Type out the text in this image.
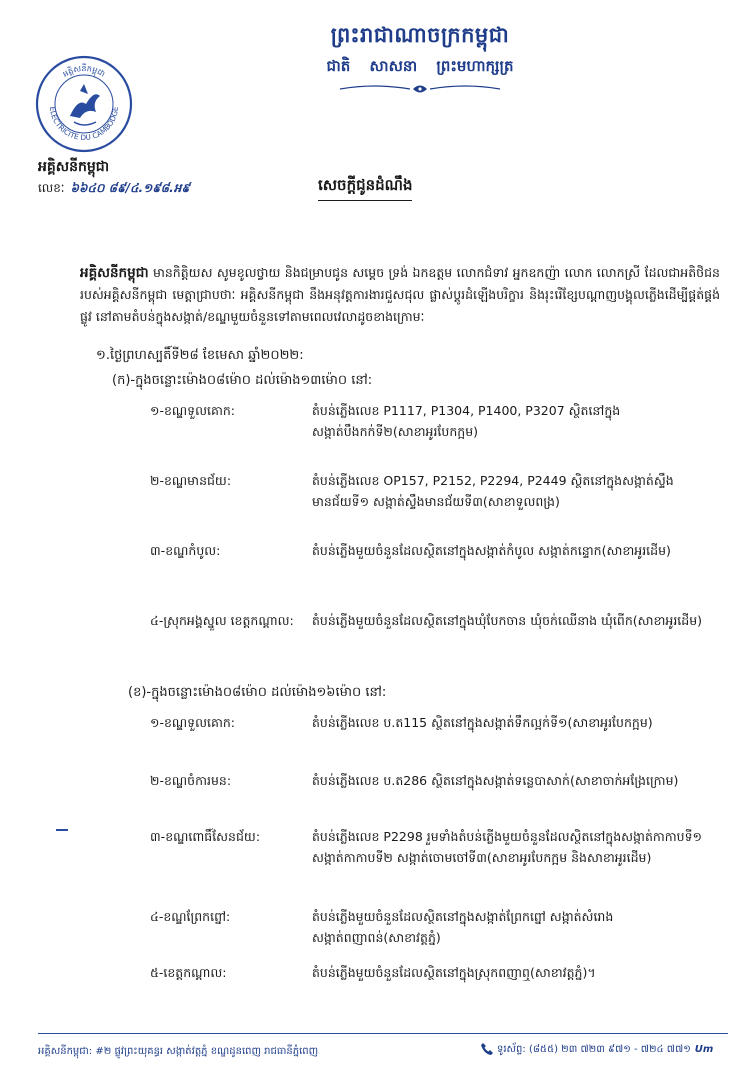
ព្រះរាជាណាចក្រកម្ពុជា
ជាតិ សាសនា ព្រះមហាក្សត្រ
ELECTRICITE DU CAMBODGE
អគ្គិសនីកម្ពុជា
អគ្គិសនីកម្ពុជា
លេខៈ ៦៦៤០ ៨៩/៤.១៩៨.អ៩	សេចក្តីជូនដំណឹង
អគ្គិសនីកម្ពុជា មានកិត្តិយស សូមខូលថ្វាយ និងជម្រាបជូន សម្តេច ទ្រង់ ឯកឧត្តម លោកជំទាវ អ្នកឧកញ៉ា លោក លោកស្រី ដែលជាអតិថិជនរបស់អគ្គិសនីកម្ពុជា មេត្តាជ្រាបថាៈ អគ្គិសនីកម្ពុជា នឹងអនុវត្តការងារជួសជុល ផ្លាស់ប្តូរដំឡើងបរិក្ខារ និងរុះរើខ្សែបណ្តាញបង្គុលភ្លើងដើម្បីផ្គត់ផ្គង់ផ្លូវ នៅតាមតំបន់ក្នុងសង្កាត់/ខណ្ឌមួយចំនួនទៅតាមពេលវេលាដូចខាងក្រោមៈ
១.ថ្ងៃព្រហស្បតិ៍ទី២៨ ខែមេសា ឆ្នាំ២០២២:
(ក)-ក្នុងចន្លោះម៉ោង០៨ម៉ោ០ ដល់ម៉ោង១៣ម៉ោ០ នៅ:
១-ខណ្ឌទួលគោក:	តំបន់ភ្លើងលេខ P1117, P1304, P1400, P3207 ស្ថិតនៅក្នុងសង្កាត់បឹងកក់ទី២(សាខាអូរបែកក្អម)
២-ខណ្ឌមានជ័យ:	តំបន់ភ្លើងលេខ OP157, P2152, P2294, P2449 ស្ថិតនៅក្នុងសង្កាត់ស្ទឹងមានជ័យទី១ សង្កាត់ស្ទឹងមានជ័យទី៣(សាខាទួលពង្រ)
៣-ខណ្ឌកំបូល:	តំបន់ភ្លើងមួយចំនួនដែលស្ថិតនៅក្នុងសង្កាត់កំបូល សង្កាត់កន្ទោក(សាខាអូរដើម)
៤-ស្រុកអង្គស្នួល ខេត្តកណ្តាល:	តំបន់ភ្លើងមួយចំនួនដែលស្ថិតនៅក្នុងឃុំបែកចាន ឃុំចក់ឈើនាង ឃុំពើក(សាខាអូរដើម)
(ខ)-ក្នុងចន្លោះម៉ោង០៨ម៉ោ០ ដល់ម៉ោង១៦ម៉ោ០ នៅ:
១-ខណ្ឌទួលគោក:	តំបន់ភ្លើងលេខ ប.ត115 ស្ថិតនៅក្នុងសង្កាត់ទឹកល្អក់ទី១(សាខាអូរបែកក្អម)
២-ខណ្ឌចំការមន:	តំបន់ភ្លើងលេខ ប.ត286 ស្ថិតនៅក្នុងសង្កាត់ទន្លេបាសាក់(សាខាចាក់អង្រែក្រោម)
៣-ខណ្ឌពោធិ៍សែនជ័យ:	តំបន់ភ្លើងលេខ P2298 រួមទាំងតំបន់ភ្លើងមួយចំនួនដែលស្ថិតនៅក្នុងសង្កាត់កាកាបទី១ សង្កាត់កាកាបទី២ សង្កាត់ចោមចៅទី៣(សាខាអូរបែកក្អម និងសាខាអូរដើម)
៤-ខណ្ឌព្រែកព្នៅ:	តំបន់ភ្លើងមួយចំនួនដែលស្ថិតនៅក្នុងសង្កាត់ព្រែកព្នៅ សង្កាត់សំរោង សង្កាត់ពញាពន់(សាខាវត្តភ្នំ)
៥-ខេត្តកណ្តាល:	តំបន់ភ្លើងមួយចំនួនដែលស្ថិតនៅក្នុងស្រុកពញាឮ(សាខាវត្តភ្នំ)។
អគ្គិសនីកម្ពុជា: #២ ផ្លូវព្រះយុគន្ធរ សង្កាត់វត្តភ្នំ ខណ្ឌដូនពេញ រាជធានីភ្នំពេញ	ទូរស័ព្ទ: (៨៥៥) ២៣ ៧២៣ ៩៧១ - ៧២៤ ៧៧១ Um
